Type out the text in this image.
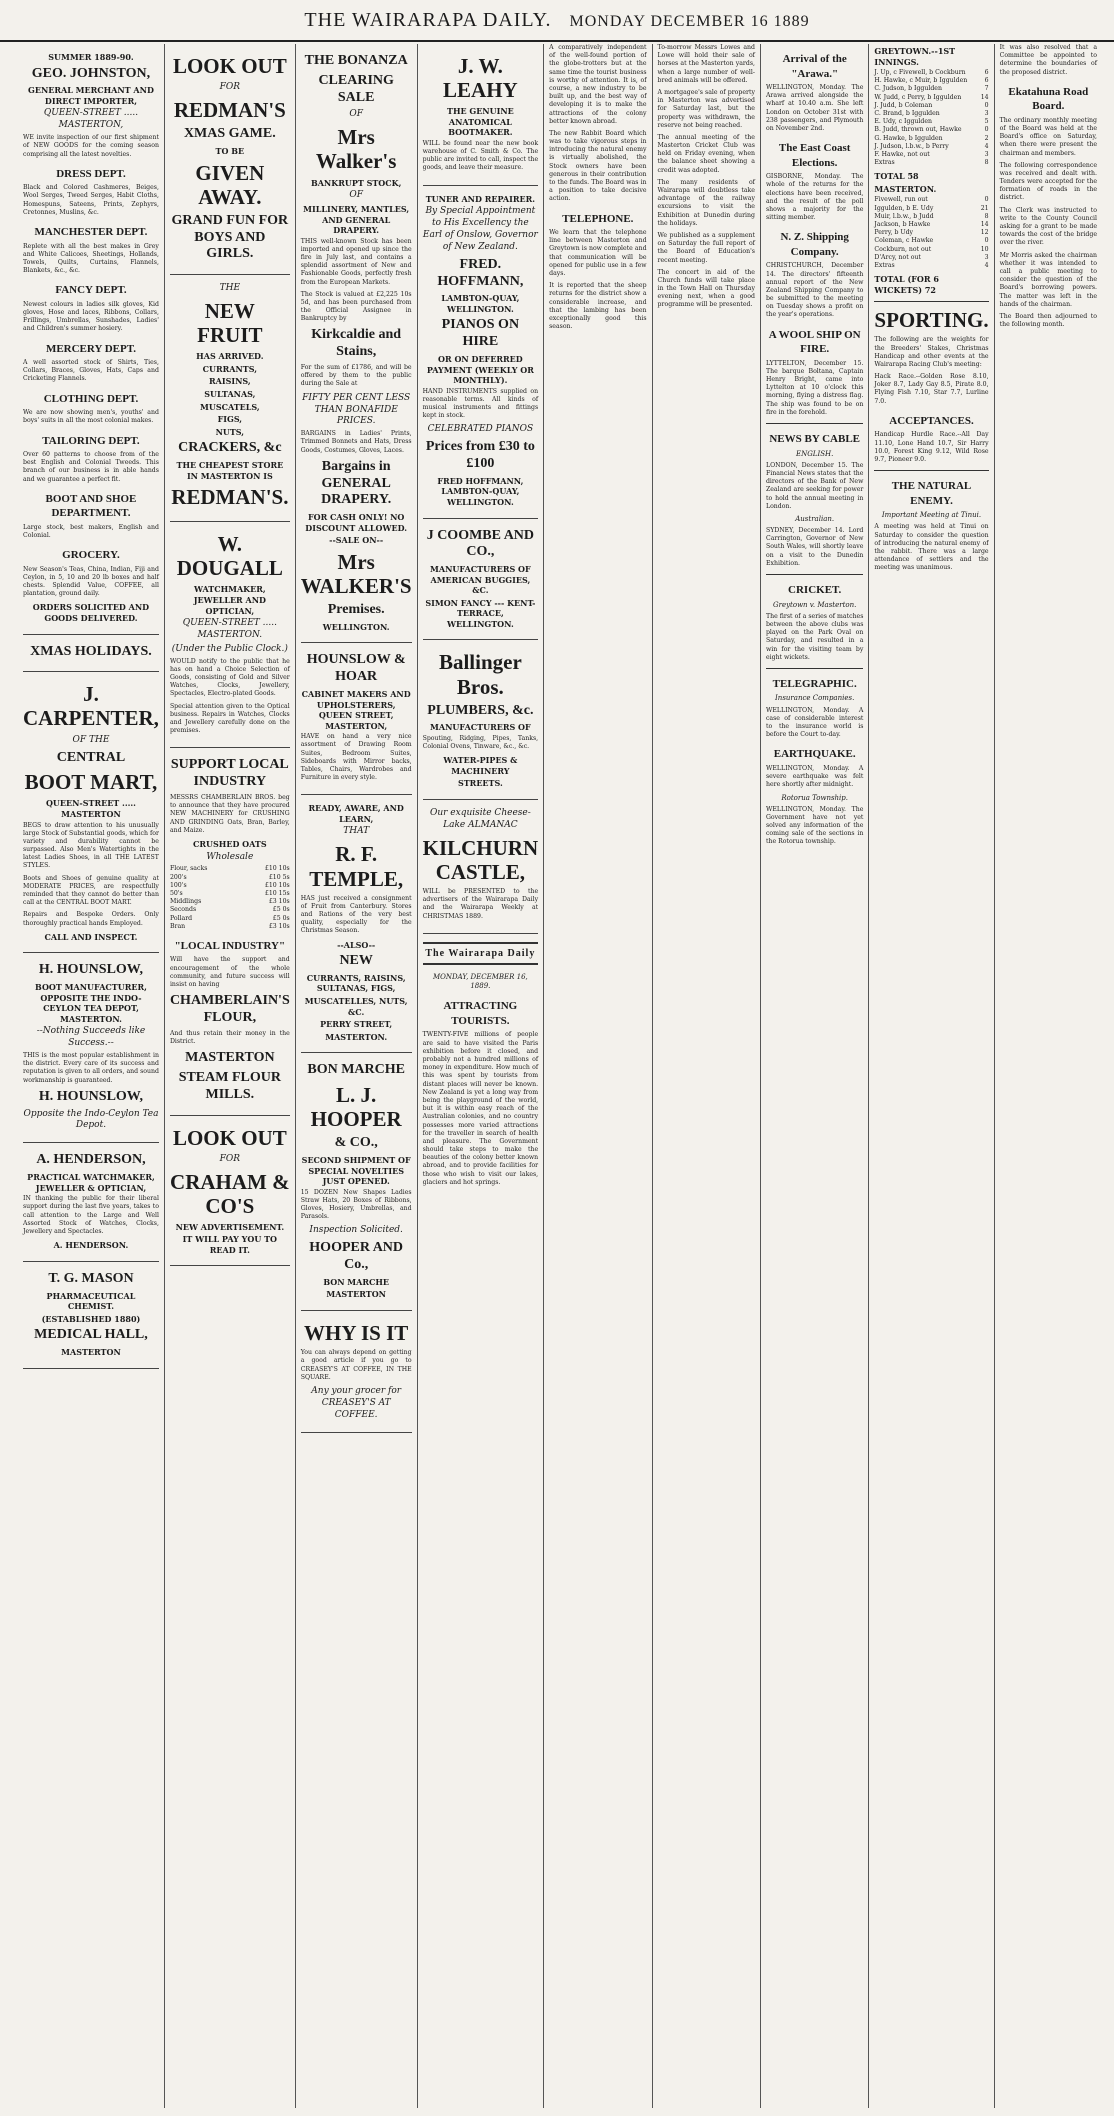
THE WAIRARAPA DAILY. MONDAY DECEMBER 16 1889
SUMMER 1889-90.
GEO. JOHNSTON,
GENERAL MERCHANT AND DIRECT IMPORTER,
QUEEN-STREET ..... MASTERTON,

WE invite inspection of our first shipment of NEW GOODS for the coming season comprising all the latest novelties.

DRESS DEPT.

Black and Colored Cashmeres, Beiges, Wool Serges, Tweed Serges, Habit Cloths, Homespuns, Sateens, Prints, Zephyrs, Cretonnes, Muslins, &c.

MANCHESTER DEPT.

Replete with all the best makes in Grey and White Calicoes, Sheetings, Hollands, Towels, Quilts, Curtains, Flannels, Blankets, &c., &c.

FANCY DEPT.

Newest colours in ladies silk gloves, Kid gloves, Hose and laces, Ribbons, Collars, Frillings, Umbrellas, Sunshades, Ladies' and Children's summer hosiery.

MERCERY DEPT.

A well assorted stock of Shirts, Ties, Collars, Braces, Gloves, Hats, Caps and Cricketing Flannels.

CLOTHING DEPT.

We are now showing men's, youths' and boys' suits in all the most colonial makes.

TAILORING DEPT.

Over 60 patterns to choose from of the best English and Colonial Tweeds. This branch of our business is in able hands and we guarantee a perfect fit.

BOOT AND SHOE DEPARTMENT.

Large stock, best makers, English and Colonial.

GROCERY.

New Season's Teas, China, Indian, Fiji and Ceylon, in 5, 10 and 20 lb boxes and half chests. Splendid Value, COFFEE, all plantation, ground daily.

ORDERS SOLICITED AND GOODS DELIVERED.
XMAS HOLIDAYS.
J. CARPENTER,
OF THE
CENTRAL
BOOT MART,
QUEEN-STREET ..... MASTERTON

BEGS to draw attention to his unusually large Stock of Substantial goods, which for variety and durability cannot be surpassed. Also Men's Watertights in the latest Ladies Shoes, in all THE LATEST STYLES.

Boots and Shoes of genuine quality at MODERATE PRICES, are respectfully reminded that they cannot do better than call at the CENTRAL BOOT MART.

Repairs and Bespoke Orders. Only thoroughly practical hands Employed.

CALL AND INSPECT.
H. HOUNSLOW,
BOOT MANUFACTURER, OPPOSITE THE INDO-CEYLON TEA DEPOT, MASTERTON.
--Nothing Succeeds like Success.--

THIS is the most popular establishment in the district. Every care of its success and reputation is given to all orders, and sound workmanship is guaranteed.

H. HOUNSLOW,
Opposite the Indo-Ceylon Tea Depot.
A. HENDERSON,
PRACTICAL WATCHMAKER, JEWELLER & OPTICIAN,

IN thanking the public for their liberal support during the last five years, takes to call attention to the Large and Well Assorted Stock of Watches, Clocks, Jewellery and Spectacles.

A. HENDERSON.
T. G. MASON
PHARMACEUTICAL CHEMIST.
(ESTABLISHED 1880)
MEDICAL HALL,
MASTERTON
LOOK OUT
FOR
REDMAN'S
XMAS GAME.
TO BE
GIVEN AWAY.
GRAND FUN FOR BOYS AND GIRLS.
THE
NEW FRUIT
HAS ARRIVED.
CURRANTS,
RAISINS,
SULTANAS,
MUSCATELS,
FIGS,
NUTS,
CRACKERS, &c
THE CHEAPEST STORE IN MASTERTON IS
REDMAN'S.
W. DOUGALL
WATCHMAKER, JEWELLER AND OPTICIAN,
QUEEN-STREET ..... MASTERTON.
(Under the Public Clock.)

WOULD notify to the public that he has on hand a Choice Selection of Goods, consisting of Gold and Silver Watches, Clocks, Jewellery, Spectacles, Electro-plated Goods.

Special attention given to the Optical business. Repairs in Watches, Clocks and Jewellery carefully done on the premises.

SUPPORT LOCAL INDUSTRY

MESSRS CHAMBERLAIN BROS. beg to announce that they have procured NEW MACHINERY for CRUSHING AND GRINDING Oats, Bran, Barley, and Maize.

CRUSHED OATS
Wholesale
Flour, sacks	£10 10s
200's	£10 5s
100's	£10 10s
50's	£10 15s
Middlings	£3 10s
Seconds	£5 0s
Pollard	£5 0s
Bran	£3 10s
"LOCAL INDUSTRY"

Will have the support and encouragement of the whole community, and future success will insist on having

CHAMBERLAIN'S FLOUR,

And thus retain their money in the District.

MASTERTON
STEAM FLOUR MILLS.
LOOK OUT
FOR
CRAHAM & CO'S
NEW ADVERTISEMENT.
IT WILL PAY YOU TO READ IT.
THE BONANZA
CLEARING SALE
OF
Mrs Walker's
BANKRUPT STOCK,
OF
MILLINERY, MANTLES, AND GENERAL DRAPERY.

THIS well-known Stock has been imported and opened up since the fire in July last, and contains a splendid assortment of New and Fashionable Goods, perfectly fresh from the European Markets.

The Stock is valued at £2,225 10s 5d, and has been purchased from the Official Assignee in Bankruptcy by

Kirkcaldie and Stains,

For the sum of £1786, and will be offered by them to the public during the Sale at

FIFTY PER CENT LESS THAN BONAFIDE PRICES.

BARGAINS in Ladies' Prints, Trimmed Bonnets and Hats, Dress Goods, Costumes, Gloves, Laces.

Bargains in GENERAL DRAPERY.
FOR CASH ONLY! NO DISCOUNT ALLOWED.
--SALE ON--
Mrs WALKER'S
Premises.
WELLINGTON.
HOUNSLOW & HOAR
CABINET MAKERS AND UPHOLSTERERS, QUEEN STREET, MASTERTON,

HAVE on hand a very nice assortment of Drawing Room Suites, Bedroom Suites, Sideboards with Mirror backs, Tables, Chairs, Wardrobes and Furniture in every style.

READY, AWARE, AND LEARN,
THAT
R. F. TEMPLE,

HAS just received a consignment of Fruit from Canterbury. Stores and Rations of the very best quality, especially for the Christmas Season.

--ALSO--
NEW
CURRANTS, RAISINS, SULTANAS, FIGS,
MUSCATELLES, NUTS, &C.
PERRY STREET,
MASTERTON.
BON MARCHE
L. J. HOOPER
& CO.,
SECOND SHIPMENT OF SPECIAL NOVELTIES JUST OPENED.

15 DOZEN New Shapes Ladies Straw Hats, 20 Boxes of Ribbons, Gloves, Hosiery, Umbrellas, and Parasols.

Inspection Solicited.
HOOPER AND Co.,
BON MARCHE
MASTERTON
WHY IS IT

You can always depend on getting a good article if you go to CREASEY'S AT COFFEE, IN THE SQUARE.

Any your grocer for CREASEY'S AT COFFEE.
J. W. LEAHY
THE GENUINE ANATOMICAL BOOTMAKER.

WILL be found near the new book warehouse of C. Smith & Co. The public are invited to call, inspect the goods, and leave their measure.

TUNER AND REPAIRER.
By Special Appointment to His Excellency the Earl of Onslow, Governor of New Zealand.
FRED. HOFFMANN,
LAMBTON-QUAY, WELLINGTON.
PIANOS ON HIRE
OR ON DEFERRED PAYMENT (WEEKLY OR MONTHLY).

HAND INSTRUMENTS supplied on reasonable terms. All kinds of musical instruments and fittings kept in stock.

CELEBRATED PIANOS
Prices from £30 to £100
FRED HOFFMANN, LAMBTON-QUAY, WELLINGTON.
J COOMBE AND CO.,
MANUFACTURERS OF AMERICAN BUGGIES, &C.
SIMON FANCY --- KENT-TERRACE, WELLINGTON.
Ballinger Bros.
PLUMBERS, &c.
MANUFACTURERS OF

Spouting, Ridging, Pipes, Tanks, Colonial Ovens, Tinware, &c., &c.

WATER-PIPES & MACHINERY
STREETS.
Our exquisite Cheese-Lake ALMANAC
KILCHURN CASTLE,

WILL be PRESENTED to the advertisers of the Wairarapa Daily and the Wairarapa Weekly at CHRISTMAS 1889.

The Wairarapa Daily
MONDAY, DECEMBER 16, 1889.
ATTRACTING TOURISTS.

TWENTY-FIVE millions of people are said to have visited the Paris exhibition before it closed, and probably not a hundred millions of money in expenditure. How much of this was spent by tourists from distant places will never be known. New Zealand is yet a long way from being the playground of the world, but it is within easy reach of the Australian colonies, and no country possesses more varied attractions for the traveller in search of health and pleasure. The Government should take steps to make the beauties of the colony better known abroad, and to provide facilities for those who wish to visit our lakes, glaciers and hot springs.

A comparatively independent of the well-found portion of the globe-trotters but at the same time the tourist business is worthy of attention. It is, of course, a new industry to be built up, and the best way of developing it is to make the attractions of the colony better known abroad.

The new Rabbit Board which was to take vigorous steps in introducing the natural enemy is virtually abolished, the Stock owners have been generous in their contribution to the funds. The Board was in a position to take decisive action.

TELEPHONE.

We learn that the telephone line between Masterton and Greytown is now complete and that communication will be opened for public use in a few days.

It is reported that the sheep returns for the district show a considerable increase, and that the lambing has been exceptionally good this season.

To-morrow Messrs Lowes and Lowe will hold their sale of horses at the Masterton yards, when a large number of well-bred animals will be offered.

A mortgagee's sale of property in Masterton was advertised for Saturday last, but the property was withdrawn, the reserve not being reached.

The annual meeting of the Masterton Cricket Club was held on Friday evening, when the balance sheet showing a credit was adopted.

The many residents of Wairarapa will doubtless take advantage of the railway excursions to visit the Exhibition at Dunedin during the holidays.

We published as a supplement on Saturday the full report of the Board of Education's recent meeting.

The concert in aid of the Church funds will take place in the Town Hall on Thursday evening next, when a good programme will be presented.

Arrival of the "Arawa."

WELLINGTON, Monday. The Arawa arrived alongside the wharf at 10.40 a.m. She left London on October 31st with 238 passengers, and Plymouth on November 2nd.

The East Coast Elections.

GISBORNE, Monday. The whole of the returns for the elections have been received, and the result of the poll shows a majority for the sitting member.

N. Z. Shipping Company.

CHRISTCHURCH, December 14. The directors' fifteenth annual report of the New Zealand Shipping Company to be submitted to the meeting on Tuesday shows a profit on the year's operations.

A WOOL SHIP ON FIRE.

LYTTELTON, December 15. The barque Boltana, Captain Henry Bright, came into Lyttelton at 10 o'clock this morning, flying a distress flag. The ship was found to be on fire in the forehold.

NEWS BY CABLE
ENGLISH.

LONDON, December 15. The Financial News states that the directors of the Bank of New Zealand are seeking for power to hold the annual meeting in London.

Australian.

SYDNEY, December 14. Lord Carrington, Governor of New South Wales, will shortly leave on a visit to the Dunedin Exhibition.

CRICKET.
Greytown v. Masterton.

The first of a series of matches between the above clubs was played on the Park Oval on Saturday, and resulted in a win for the visiting team by eight wickets.

TELEGRAPHIC.
Insurance Companies.

WELLINGTON, Monday. A case of considerable interest to the insurance world is before the Court to-day.

EARTHQUAKE.

WELLINGTON, Monday. A severe earthquake was felt here shortly after midnight.

Rotorua Township.

WELLINGTON, Monday. The Government have not yet solved any information of the coming sale of the sections in the Rotorua township.

GREYTOWN.--1ST INNINGS.
J. Up, c Fivewell, b Cockburn	6
H. Hawke, c Muir, b Iggulden	6
C. Judson, b Iggulden	7
W. Judd, c Perry, b Iggulden	14
J. Judd, b Coleman	0
C. Brand, b Iggulden	3
E. Udy, c Iggulden	5
B. Judd, thrown out, Hawke	0
G. Hawke, b Iggulden	2
J. Judson, l.b.w., b Perry	4
F. Hawke, not out	3
Extras	8
TOTAL 58
MASTERTON.
Fivewell, run out	0
Iggulden, b E. Udy	21
Muir, l.b.w., b Judd	8
Jackson, b Hawke	14
Perry, b Udy	12
Coleman, c Hawke	0
Cockburn, not out	10
D'Arcy, not out	3
Extras	4
TOTAL (FOR 6 WICKETS) 72
SPORTING.

The following are the weights for the Breeders' Stakes, Christmas Handicap and other events at the Wairarapa Racing Club's meeting:

Hack Race.--Golden Rose 8.10, Joker 8.7, Lady Gay 8.5, Pirate 8.0, Flying Fish 7.10, Star 7.7, Lurline 7.0.

ACCEPTANCES.

Handicap Hurdle Race.--All Day 11.10, Lone Hand 10.7, Sir Harry 10.0, Forest King 9.12, Wild Rose 9.7, Pioneer 9.0.

THE NATURAL ENEMY.
Important Meeting at Tinui.

A meeting was held at Tinui on Saturday to consider the question of introducing the natural enemy of the rabbit. There was a large attendance of settlers and the meeting was unanimous.

It was also resolved that a Committee be appointed to determine the boundaries of the proposed district.

Ekatahuna Road Board.

The ordinary monthly meeting of the Board was held at the Board's office on Saturday, when there were present the chairman and members.

The following correspondence was received and dealt with. Tenders were accepted for the formation of roads in the district.

The Clerk was instructed to write to the County Council asking for a grant to be made towards the cost of the bridge over the river.

Mr Morris asked the chairman whether it was intended to call a public meeting to consider the question of the Board's borrowing powers. The matter was left in the hands of the chairman.

The Board then adjourned to the following month.
